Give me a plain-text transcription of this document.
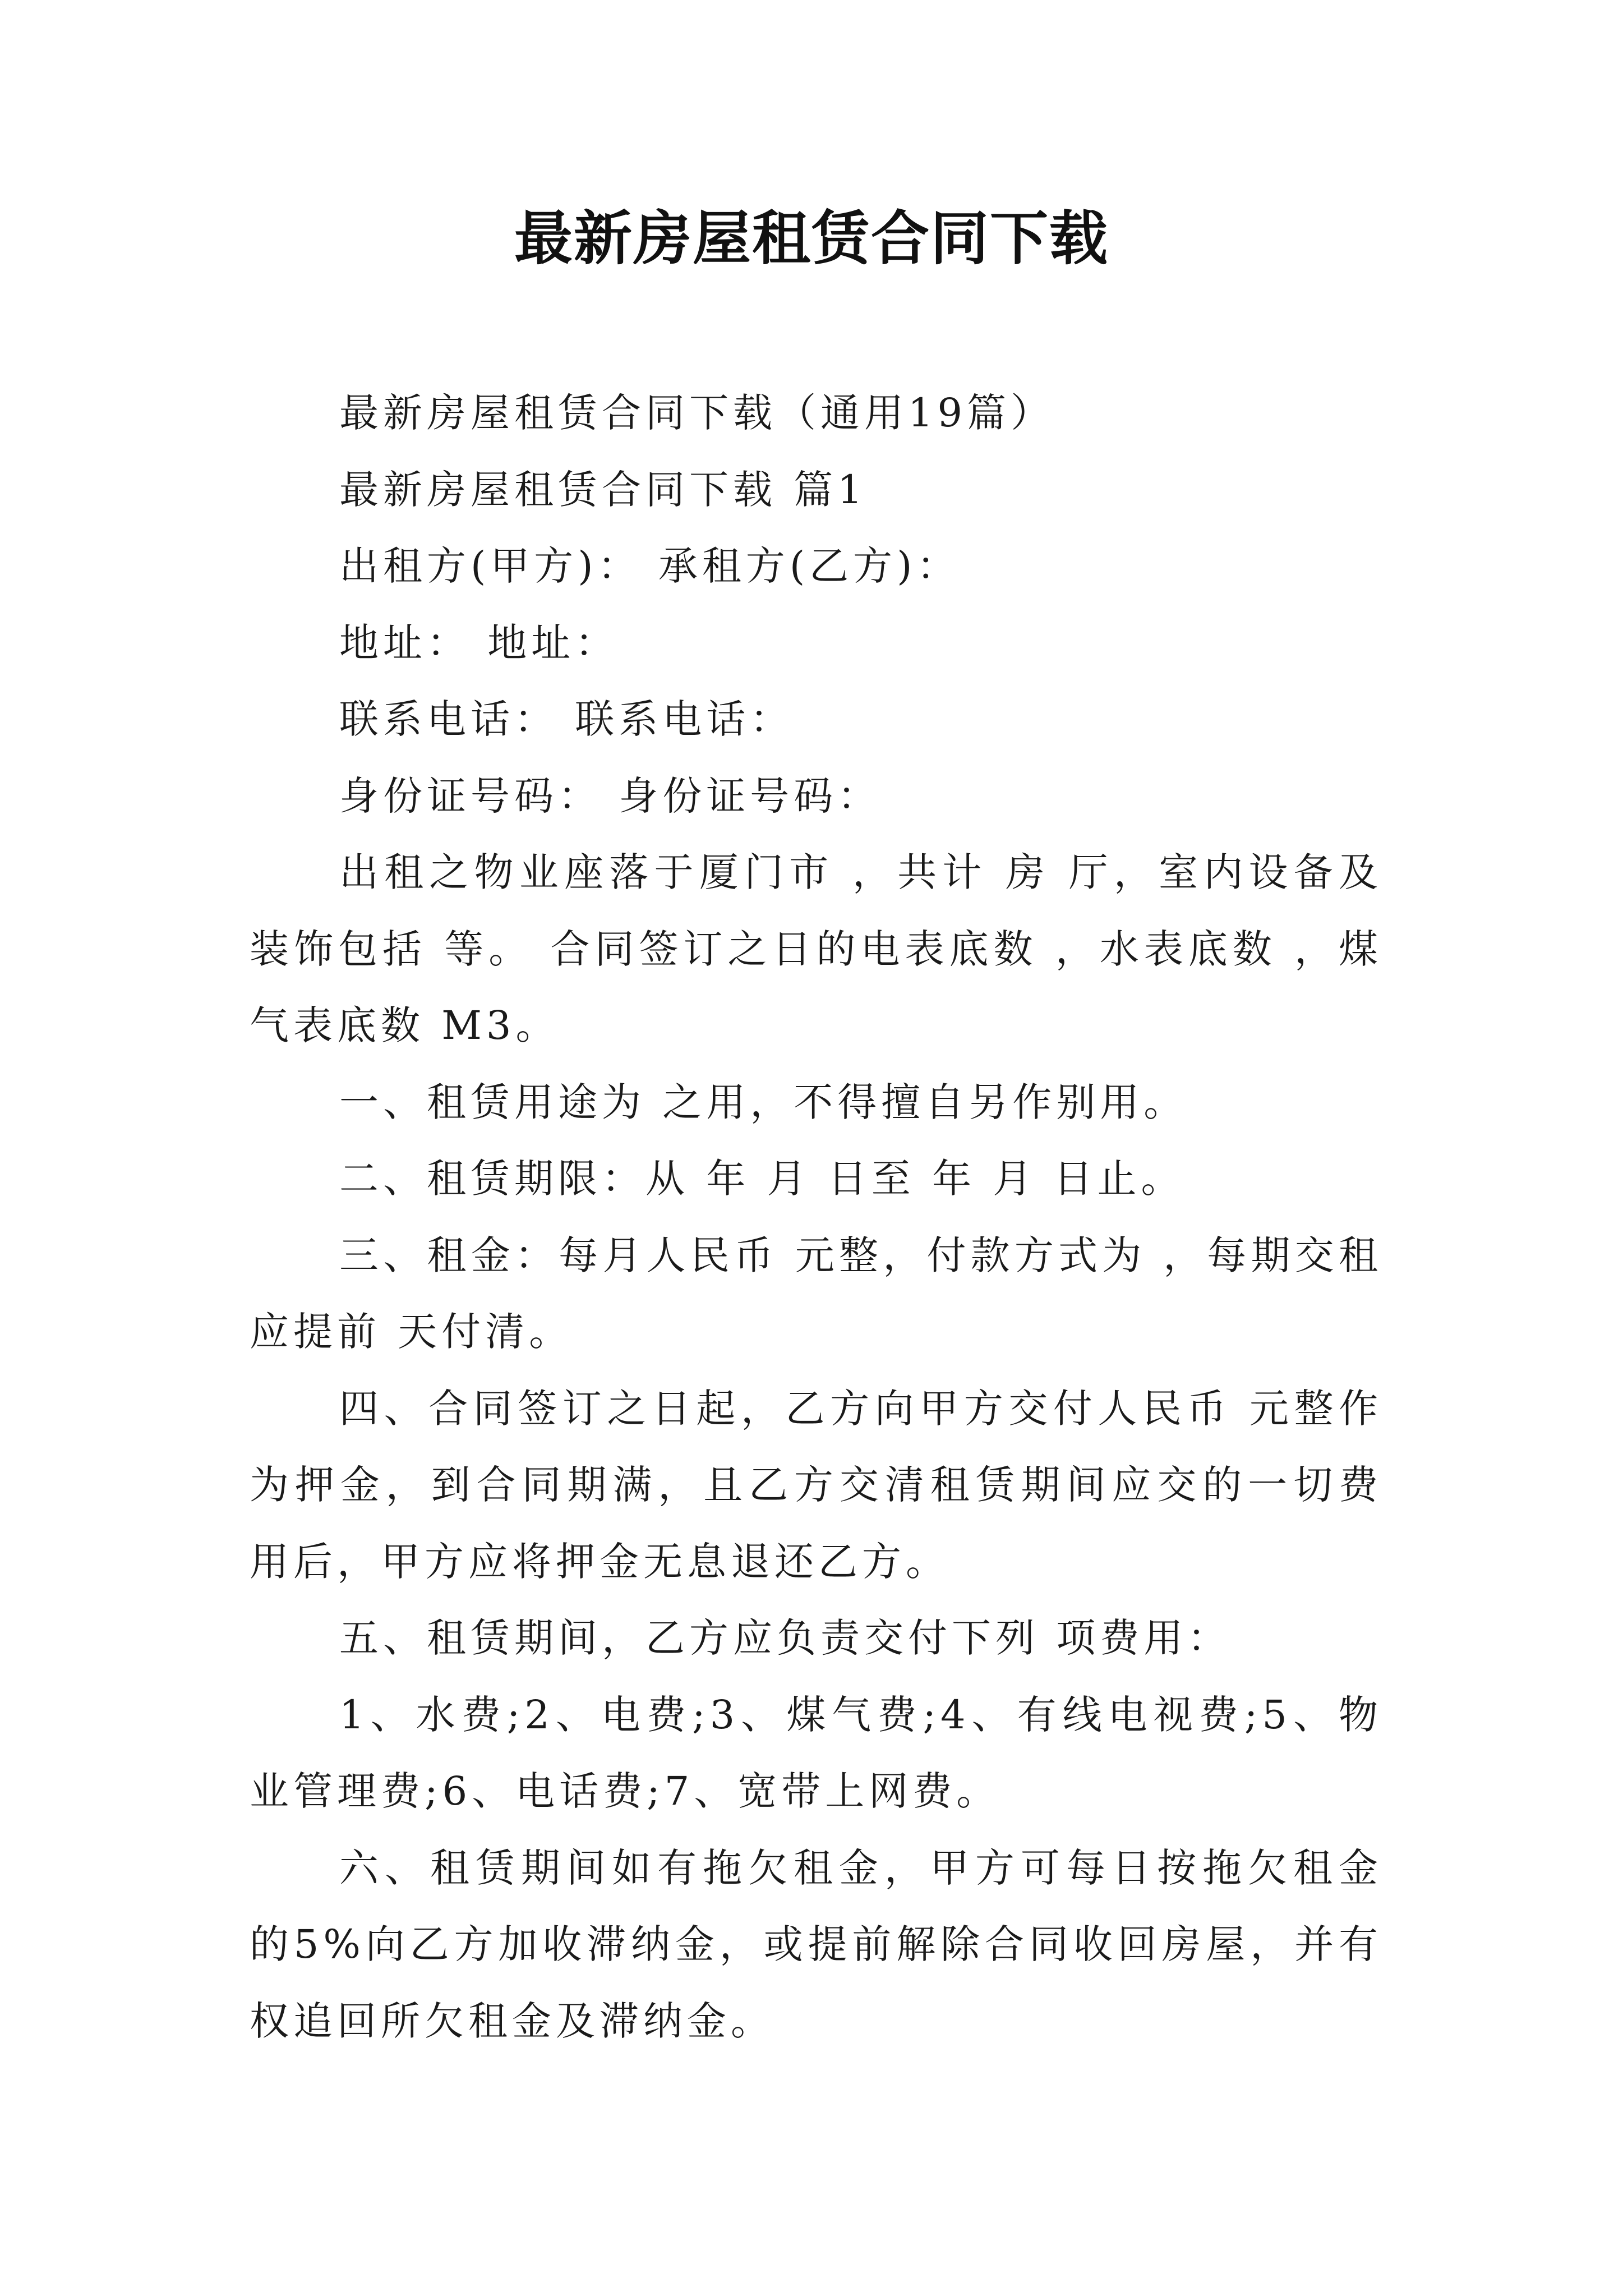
最新房屋租赁合同下载

最新房屋租赁合同下载（通用19篇）

最新房屋租赁合同下载 篇1

出租方(甲方)： 承租方(乙方)：

地址： 地址：

联系电话： 联系电话：

身份证号码： 身份证号码：

出租之物业座落于厦门市 ，共计 房 厅，室内设备及装饰包括 等。 合同签订之日的电表底数 ，水表底数 ，煤气表底数 M3。

一、租赁用途为 之用，不得擅自另作别用。

二、租赁期限：从 年 月 日至 年 月 日止。

三、租金：每月人民币 元整，付款方式为 ，每期交租应提前 天付清。

四、合同签订之日起，乙方向甲方交付人民币 元整作为押金，到合同期满，且乙方交清租赁期间应交的一切费用后，甲方应将押金无息退还乙方。

五、租赁期间，乙方应负责交付下列 项费用：

1、水费;2、电费;3、煤气费;4、有线电视费;5、物业管理费;6、电话费;7、宽带上网费。

六、租赁期间如有拖欠租金，甲方可每日按拖欠租金的5%向乙方加收滞纳金，或提前解除合同收回房屋，并有权追回所欠租金及滞纳金。
